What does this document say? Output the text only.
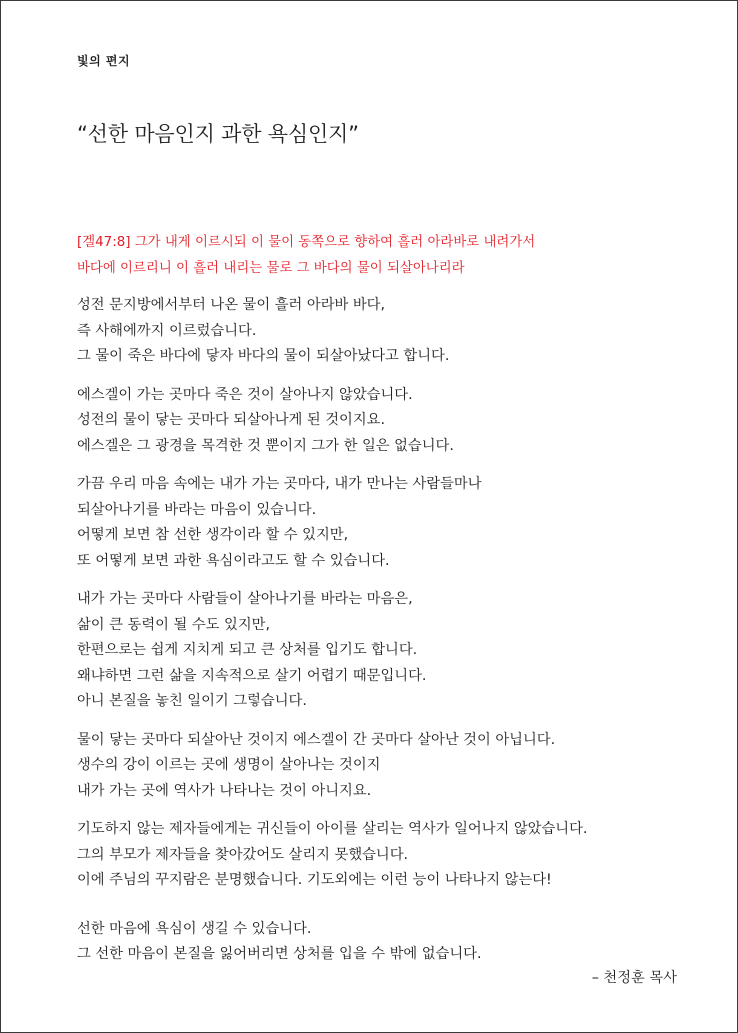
빛의 편지
“선한 마음인지 과한 욕심인지”
[겔47:8] 그가 내게 이르시되 이 물이 동쪽으로 향하여 흘러 아라바로 내려가서
바다에 이르리니 이 흘러 내리는 물로 그 바다의 물이 되살아나리라

성전 문지방에서부터 나온 물이 흘러 아라바 바다,
즉 사해에까지 이르렀습니다.
그 물이 죽은 바다에 닿자 바다의 물이 되살아났다고 합니다.

에스겔이 가는 곳마다 죽은 것이 살아나지 않았습니다.
성전의 물이 닿는 곳마다 되살아나게 된 것이지요.
에스겔은 그 광경을 목격한 것 뿐이지 그가 한 일은 없습니다.

가끔 우리 마음 속에는 내가 가는 곳마다, 내가 만나는 사람들마나
되살아나기를 바라는 마음이 있습니다.
어떻게 보면 참 선한 생각이라 할 수 있지만,
또 어떻게 보면 과한 욕심이라고도 할 수 있습니다.

내가 가는 곳마다 사람들이 살아나기를 바라는 마음은,
삶이 큰 동력이 될 수도 있지만,
한편으로는 쉽게 지치게 되고 큰 상처를 입기도 합니다.
왜냐하면 그런 삶을 지속적으로 살기 어렵기 때문입니다.
아니 본질을 놓친 일이기 그렇습니다.

물이 닿는 곳마다 되살아난 것이지 에스겔이 간 곳마다 살아난 것이 아닙니다.
생수의 강이 이르는 곳에 생명이 살아나는 것이지
내가 가는 곳에 역사가 나타나는 것이 아니지요.

기도하지 않는 제자들에게는 귀신들이 아이를 살리는 역사가 일어나지 않았습니다.
그의 부모가 제자들을 찾아갔어도 살리지 못했습니다.
이에 주님의 꾸지람은 분명했습니다. 기도외에는 이런 능이 나타나지 않는다!

선한 마음에 욕심이 생길 수 있습니다.
그 선한 마음이 본질을 잃어버리면 상처를 입을 수 밖에 없습니다.

– 천정훈 목사
